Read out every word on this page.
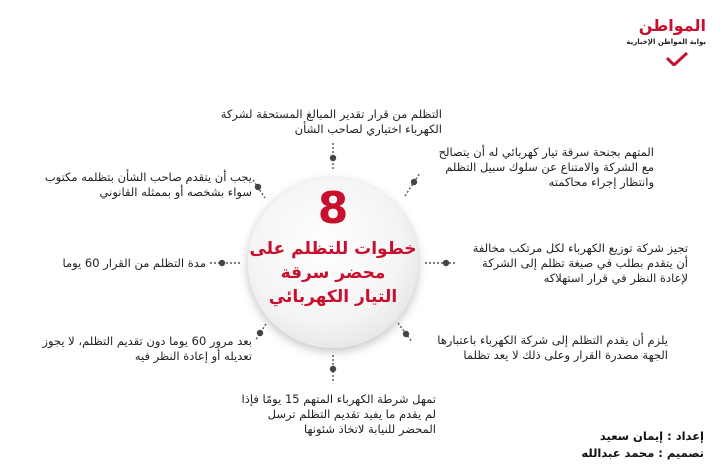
8
خطوات للتظلم على
محضر سرقة
التيار الكهربائي
التظلم من قرار تقدير المبالغ المستحقة لشركة الكهرباء اختياري لصاحب الشأن
المتهم بجنحة سرقة تيار كهربائي له أن يتصالح مع الشركة والامتناع عن سلوك سبيل التظلم وانتظار إجراء محاكمته
تجيز شركة توزيع الكهرباء لكل مرتكب مخالفة أن يتقدم بطلب في صيغة تظلم إلى الشركة لإعادة النظر في قرار استهلاكه
يلزم أن يقدم التظلم إلى شركة الكهرباء باعتبارها الجهة مصدرة القرار وعلى ذلك لا يعد تظلما
تمهل شرطة الكهرباء المتهم 15 يومًا فإذا لم يقدم ما يفيد تقديم التظلم ترسل المحضر للنيابة لاتخاذ شئونها
بعد مرور 60 يوما دون تقديم التظلم، لا يجوز تعديله أو إعادة النظر فيه
مدة التظلم من القرار 60 يوما
يجب أن يتقدم صاحب الشأن بتظلمه مكتوب سواء بشخصه أو بممثله القانوني
المواطن
بوابة المواطن الإخبارية
إعداد : إيمان سعيد
تصميم : محمد عبدالله
